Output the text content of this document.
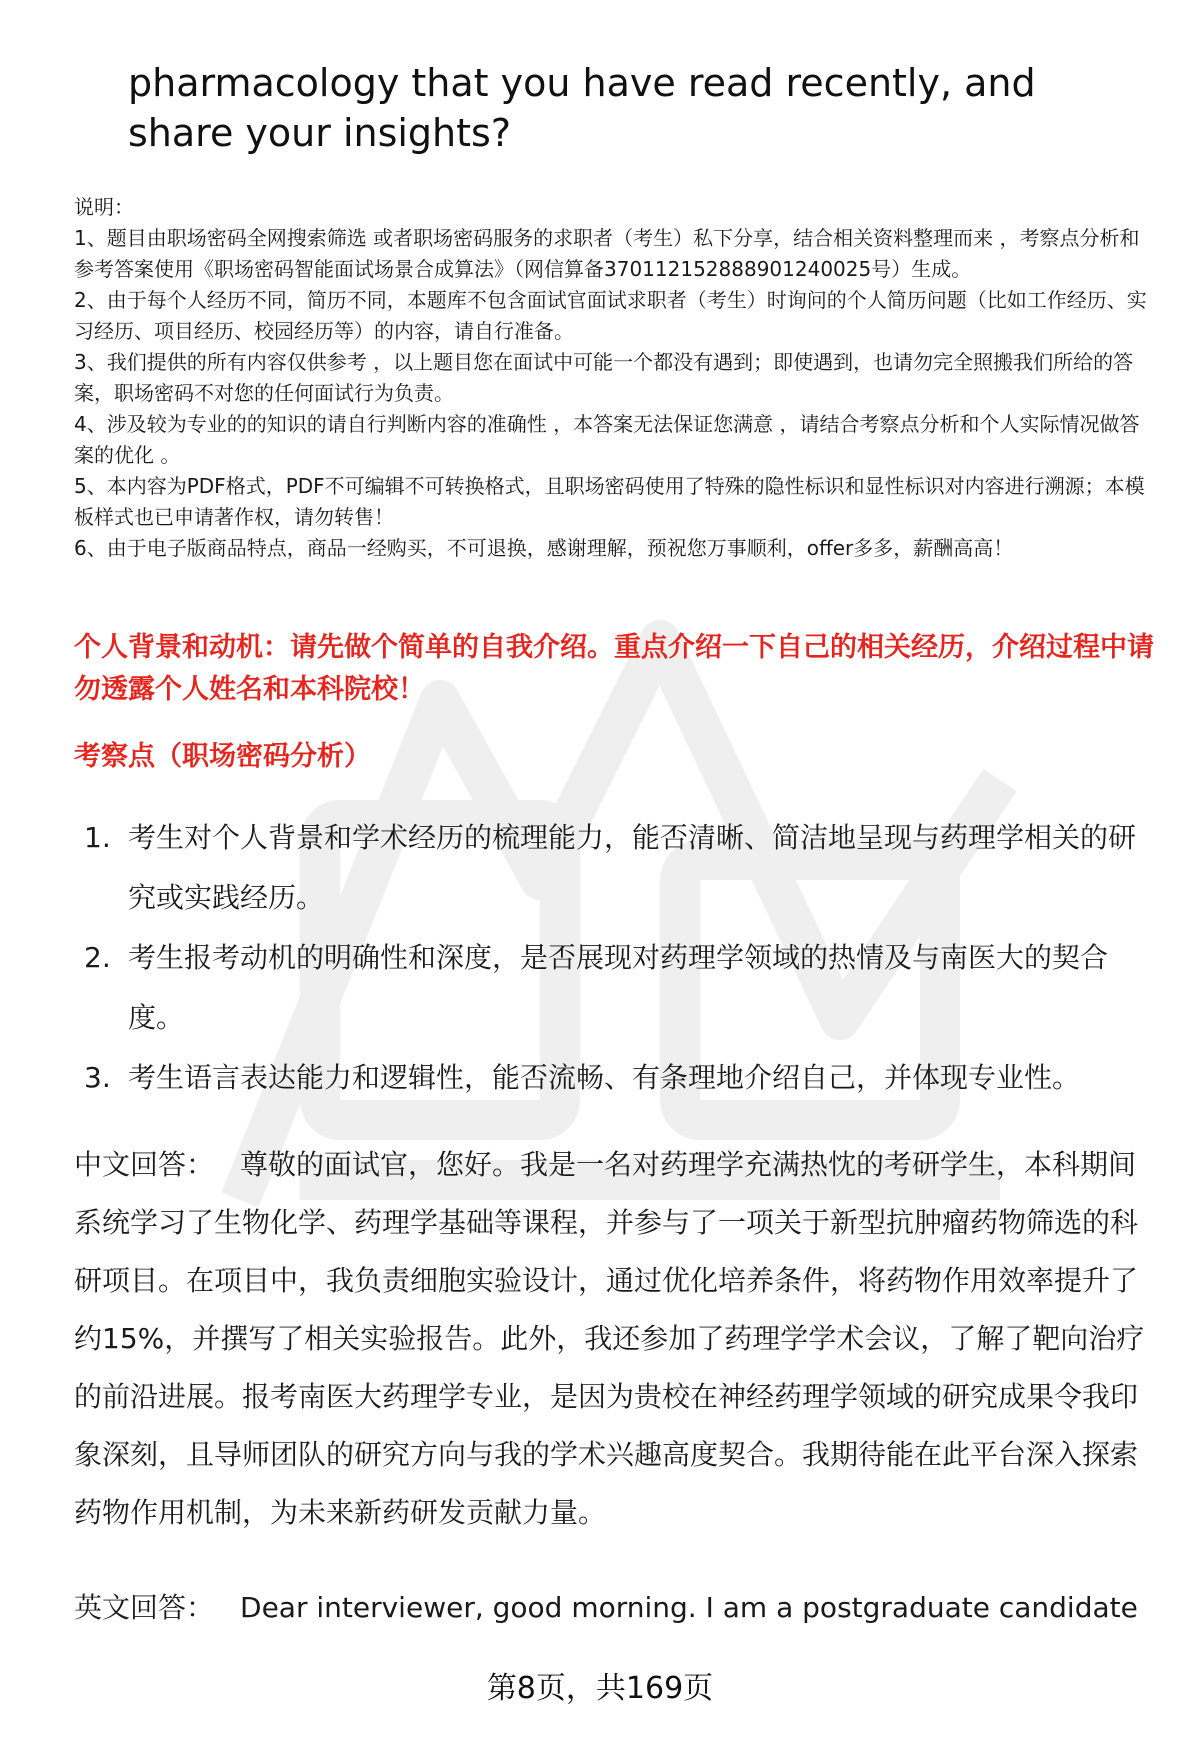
pharmacology that you have read recently, and share your insights?

说明：

1、题目由职场密码全网搜索筛选 或者职场密码服务的求职者（考生）私下分享，结合相关资料整理而来 ，考察点分析和参考答案使用《职场密码智能面试场景合成算法》（网信算备370112152888901240025号）生成。

2、由于每个人经历不同，简历不同，本题库不包含面试官面试求职者（考生）时询问的个人简历问题（比如工作经历、实习经历、项目经历、校园经历等）的内容，请自行准备。

3、我们提供的所有内容仅供参考 ，以上题目您在面试中可能一个都没有遇到；即使遇到，也请勿完全照搬我们所给的答案，职场密码不对您的任何面试行为负责。

4、涉及较为专业的的知识的请自行判断内容的准确性 ，本答案无法保证您满意 ，请结合考察点分析和个人实际情况做答案的优化 。

5、本内容为PDF格式，PDF不可编辑不可转换格式，且职场密码使用了特殊的隐性标识和显性标识对内容进行溯源；本模板样式也已申请著作权，请勿转售！

6、由于电子版商品特点，商品一经购买，不可退换，感谢理解，预祝您万事顺利，offer多多，薪酬高高！

个人背景和动机：请先做个简单的自我介绍。重点介绍一下自己的相关经历，介绍过程中请勿透露个人姓名和本科院校！
考察点（职场密码分析）
1. 考生对个人背景和学术经历的梳理能力，能否清晰、简洁地呈现与药理学相关的研究或实践经历。
2. 考生报考动机的明确性和深度，是否展现对药理学领域的热情及与南医大的契合度。
3. 考生语言表达能力和逻辑性，能否流畅、有条理地介绍自己，并体现专业性。

中文回答： 尊敬的面试官，您好。我是一名对药理学充满热忱的考研学生，本科期间系统学习了生物化学、药理学基础等课程，并参与了一项关于新型抗肿瘤药物筛选的科研项目。在项目中，我负责细胞实验设计，通过优化培养条件，将药物作用效率提升了约15%，并撰写了相关实验报告。此外，我还参加了药理学学术会议，了解了靶向治疗的前沿进展。报考南医大药理学专业，是因为贵校在神经药理学领域的研究成果令我印象深刻，且导师团队的研究方向与我的学术兴趣高度契合。我期待能在此平台深入探索药物作用机制，为未来新药研发贡献力量。

英文回答： Dear interviewer, good morning. I am a postgraduate candidate

第8页，共169页
